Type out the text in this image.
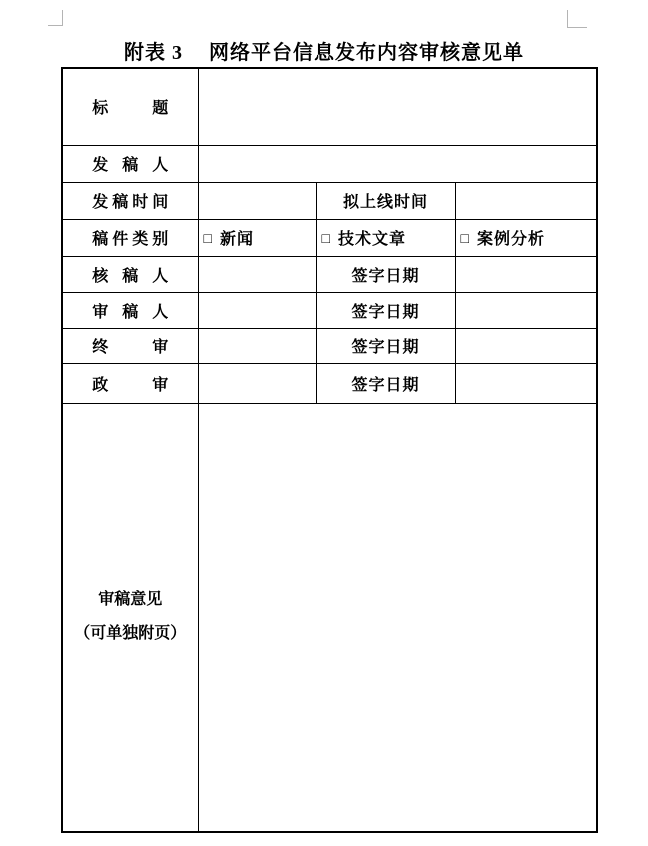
附表 3 网络平台信息发布内容审核意见单
标　　题			
发 稿 人			
发稿时间		拟上线时间	
稿件类别	□ 新闻	□ 技术文章	□ 案例分析
核 稿 人		签字日期	
审 稿 人		签字日期	
终　　审		签字日期	
政　　审		签字日期	

审稿意见
（可单独附页）			
